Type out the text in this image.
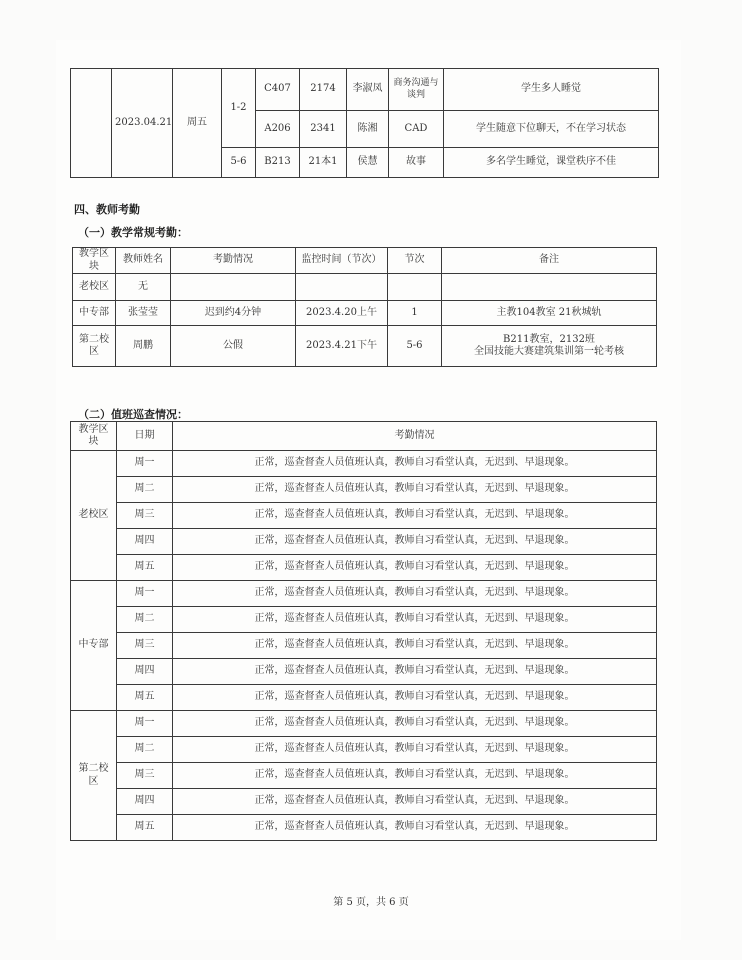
	2023.04.21	周五	1-2	C407	2174	李淑凤	商务沟通与谈判	学生多人睡觉
				A206	2341	陈湘	CAD	学生随意下位聊天，不在学习状态
			5-6	B213	21本1	侯慧	故事	多名学生睡觉，课堂秩序不佳
四、教师考勤
（一）教学常规考勤：
教学区块	教师姓名	考勤情况	监控时间（节次）	节次	备注
老校区	无				
中专部	张莹莹	迟到约4分钟	2023.4.20上午	1	主教104教室 21秋城轨
第二校区	周鹏	公假	2023.4.21下午	5-6	B211教室，2132班
全国技能大赛建筑集训第一轮考核
（二）值班巡查情况：
教学区块	日期	考勤情况
老校区	周一	正常，巡查督查人员值班认真，教师自习看堂认真，无迟到、早退现象。
	周二	正常，巡查督查人员值班认真，教师自习看堂认真，无迟到、早退现象。
	周三	正常，巡查督查人员值班认真，教师自习看堂认真，无迟到、早退现象。
	周四	正常，巡查督查人员值班认真，教师自习看堂认真，无迟到、早退现象。
	周五	正常，巡查督查人员值班认真，教师自习看堂认真，无迟到、早退现象。
中专部	周一	正常，巡查督查人员值班认真，教师自习看堂认真，无迟到、早退现象。
	周二	正常，巡查督查人员值班认真，教师自习看堂认真，无迟到、早退现象。
	周三	正常，巡查督查人员值班认真，教师自习看堂认真，无迟到、早退现象。
	周四	正常，巡查督查人员值班认真，教师自习看堂认真，无迟到、早退现象。
	周五	正常，巡查督查人员值班认真，教师自习看堂认真，无迟到、早退现象。
第二校区	周一	正常，巡查督查人员值班认真，教师自习看堂认真，无迟到、早退现象。
	周二	正常，巡查督查人员值班认真，教师自习看堂认真，无迟到、早退现象。
	周三	正常，巡查督查人员值班认真，教师自习看堂认真，无迟到、早退现象。
	周四	正常，巡查督查人员值班认真，教师自习看堂认真，无迟到、早退现象。
	周五	正常，巡查督查人员值班认真，教师自习看堂认真，无迟到、早退现象。
第 5 页，共 6 页
